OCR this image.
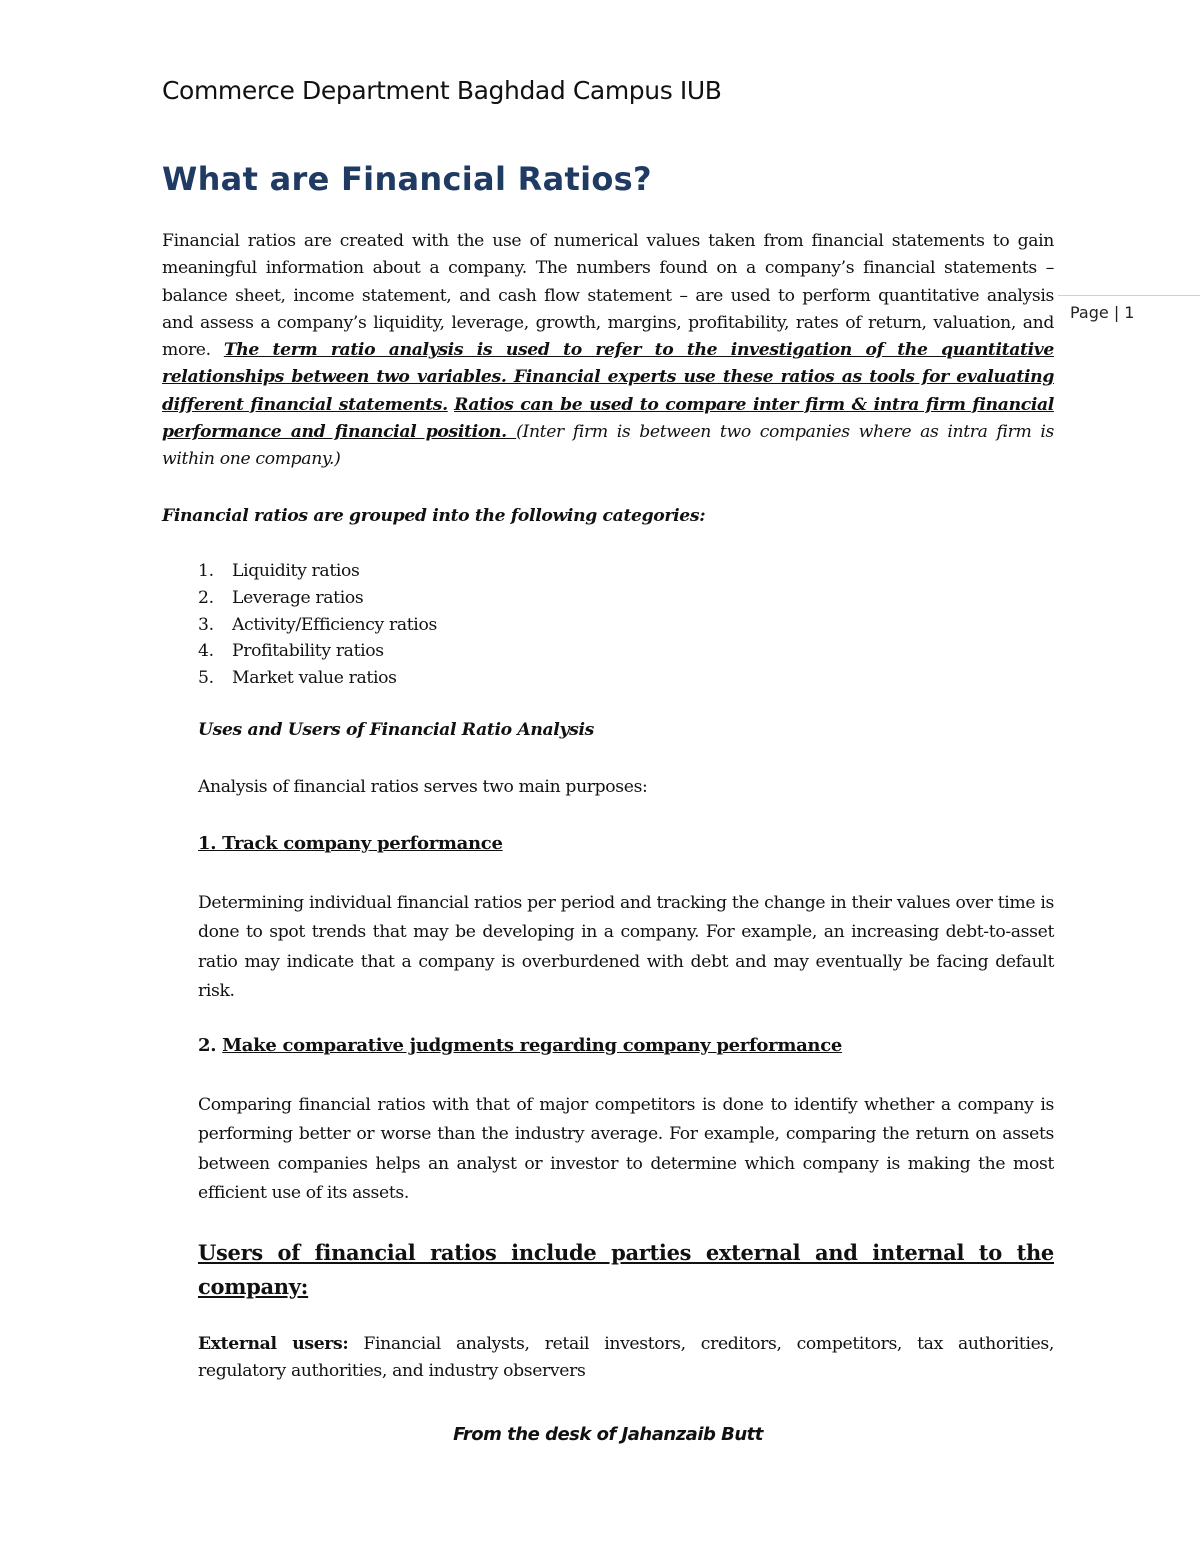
Commerce Department Baghdad Campus IUB
Page | 1
What are Financial Ratios?

Financial ratios are created with the use of numerical values taken from financial statements to gain meaningful information about a company. The numbers found on a company’s financial statements – balance sheet, income statement, and cash flow statement – are used to perform quantitative analysis and assess a company’s liquidity, leverage, growth, margins, profitability, rates of return, valuation, and more. The term ratio analysis is used to refer to the investigation of the quantitative relationships between two variables. Financial experts use these ratios as tools for evaluating different financial statements. Ratios can be used to compare inter firm & intra firm financial performance and financial position. (Inter firm is between two companies where as intra firm is within one company.)

Financial ratios are grouped into the following categories:

1.	Liquidity ratios
2.	Leverage ratios
3.	Activity/Efficiency ratios
4.	Profitability ratios
5.	Market value ratios
Uses and Users of Financial Ratio Analysis
Analysis of financial ratios serves two main purposes:
1. Track company performance

Determining individual financial ratios per period and tracking the change in their values over time is done to spot trends that may be developing in a company. For example, an increasing debt-to-asset ratio may indicate that a company is overburdened with debt and may eventually be facing default risk.

2. Make comparative judgments regarding company performance

Comparing financial ratios with that of major competitors is done to identify whether a company is performing better or worse than the industry average. For example, comparing the return on assets between companies helps an analyst or investor to determine which company is making the most efficient use of its assets.

Users of financial ratios include parties external and internal to the company:

External users: Financial analysts, retail investors, creditors, competitors, tax authorities, regulatory authorities, and industry observers

From the desk of Jahanzaib Butt
